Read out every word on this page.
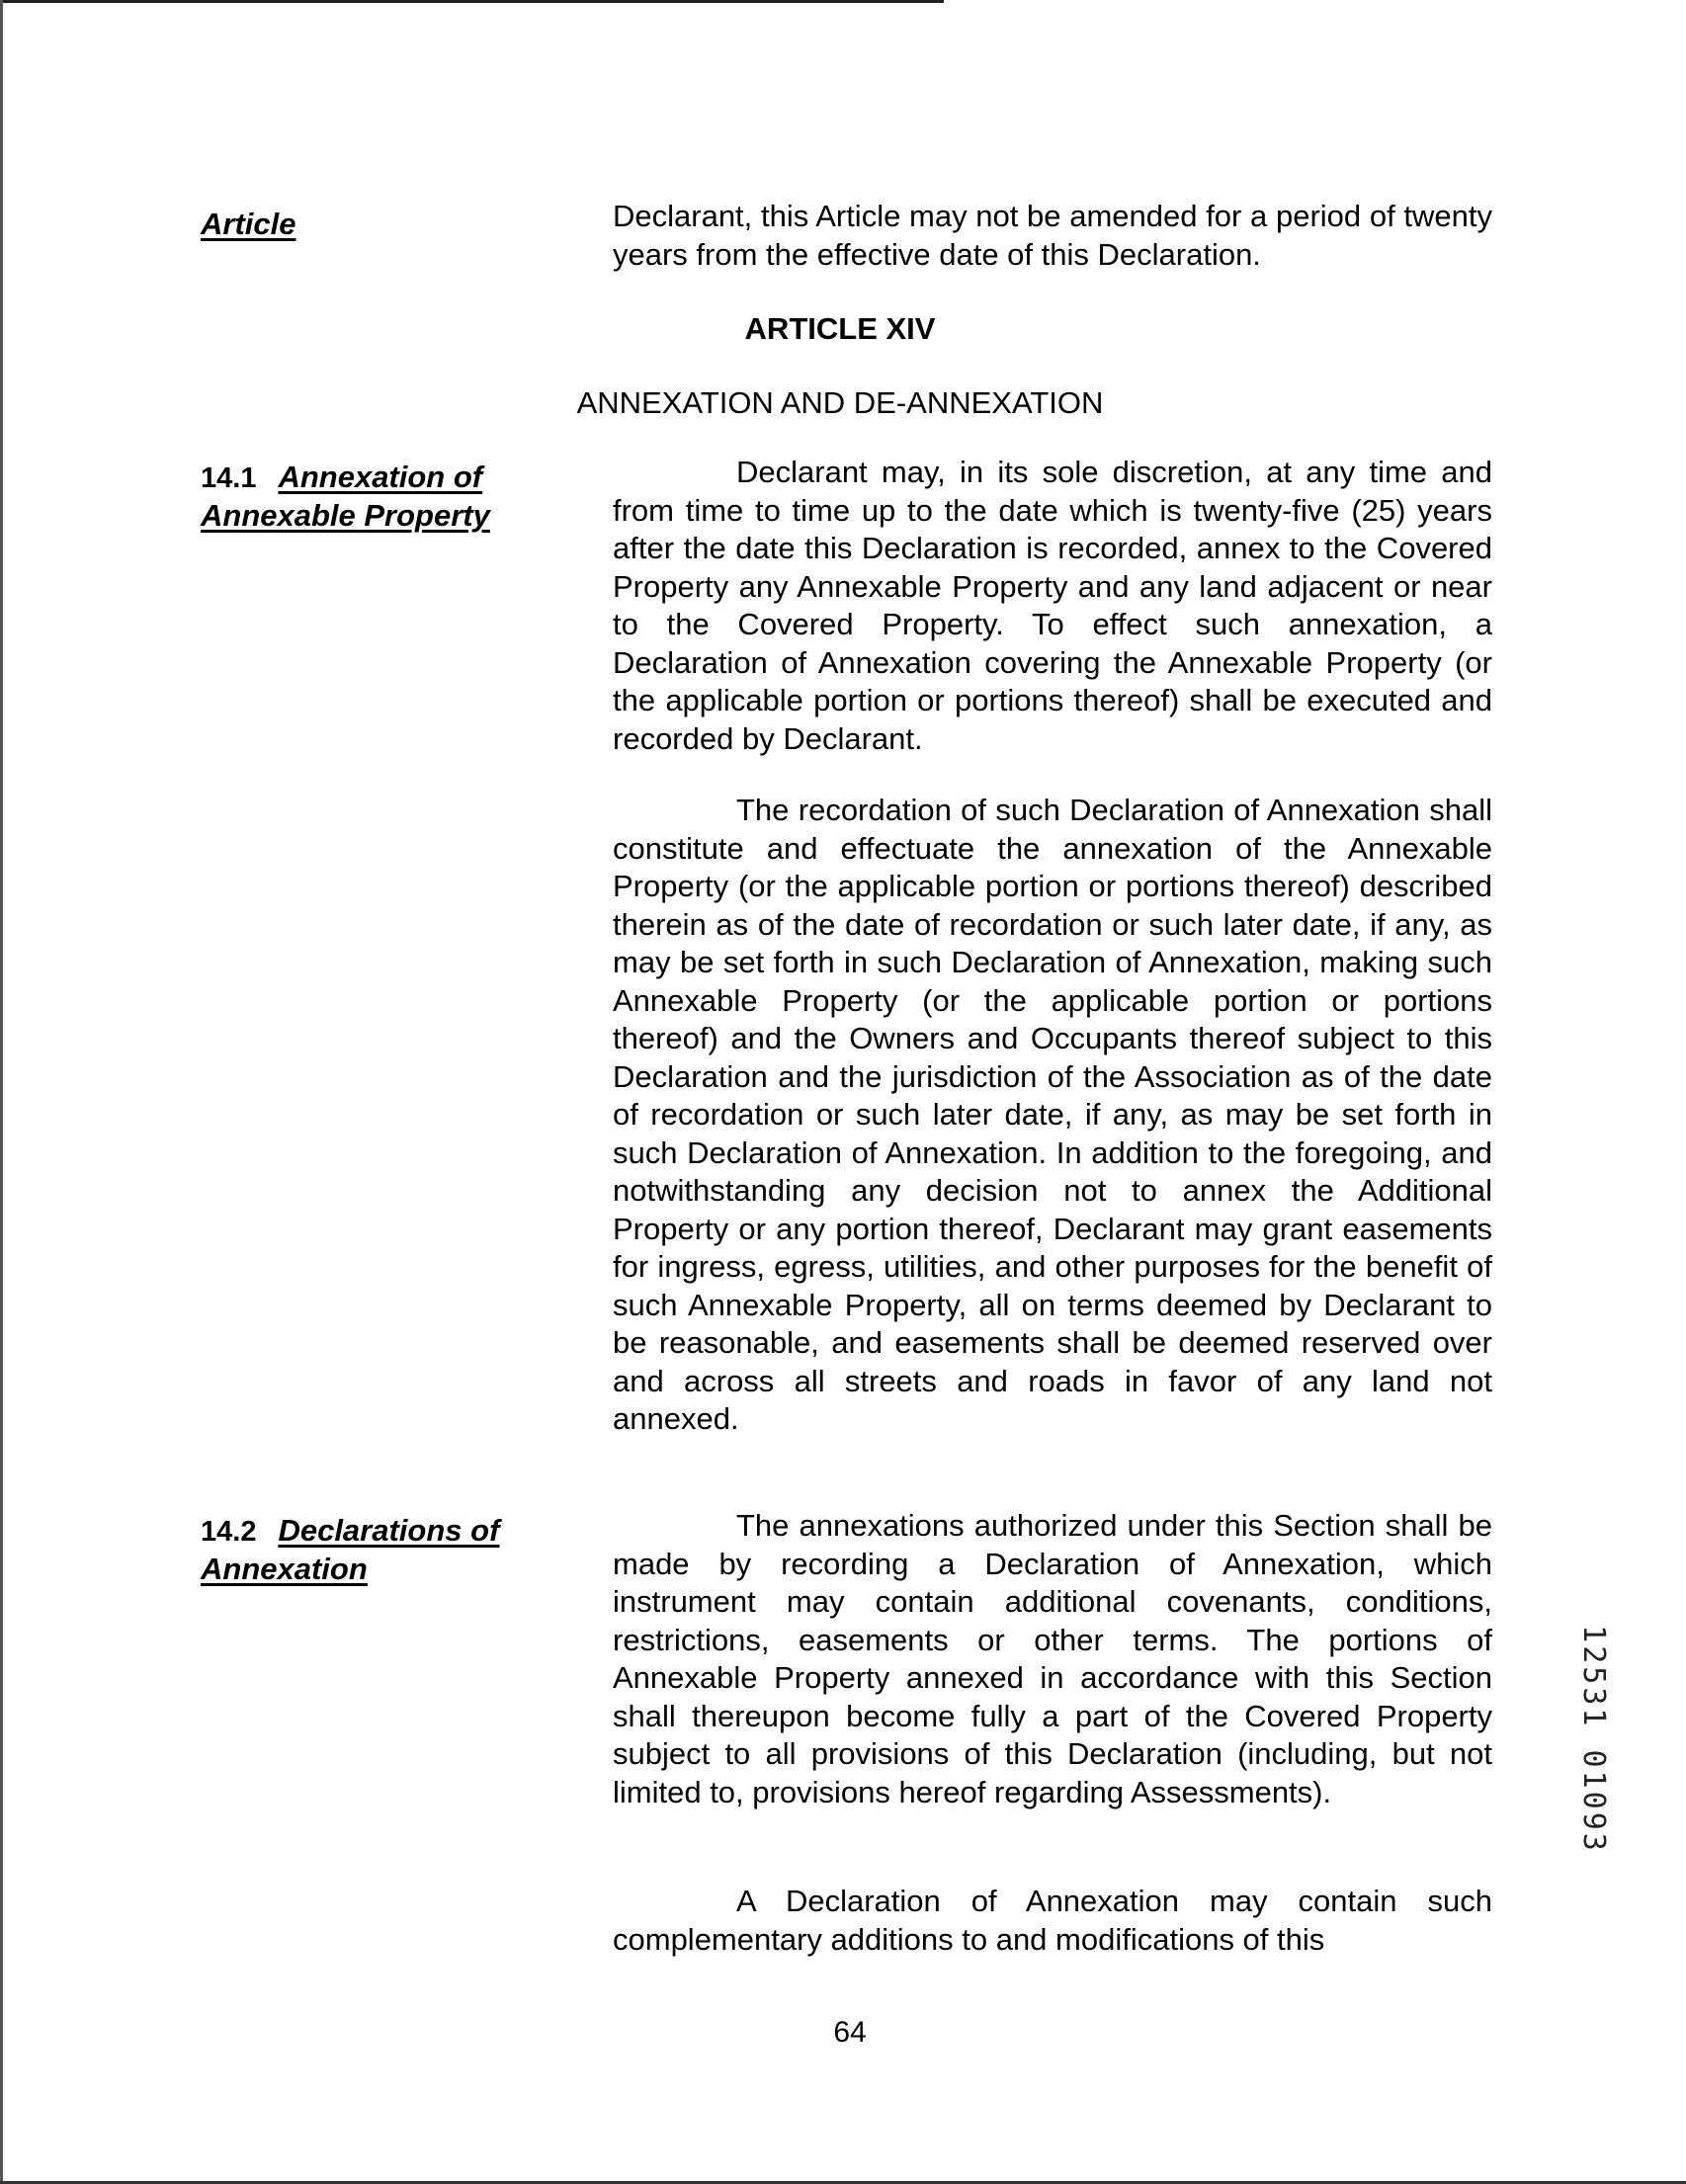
Article	Declarant, this Article may not be amended for a period of twenty years from the effective date of this Declaration.

ARTICLE XIV

ANNEXATION AND DE-ANNEXATION

14.1 Annexation of
Annexable Property

Declarant may, in its sole discretion, at any time and from time to time up to the date which is twenty-five (25) years after the date this Declaration is recorded, annex to the Covered Property any Annexable Property and any land adjacent or near to the Covered Property. To effect such annexation, a Declaration of Annexation covering the Annexable Property (or the applicable portion or portions thereof) shall be executed and recorded by Declarant.

The recordation of such Declaration of Annexation shall constitute and effectuate the annexation of the Annexable Property (or the applicable portion or portions thereof) described therein as of the date of recordation or such later date, if any, as may be set forth in such Declaration of Annexation, making such Annexable Property (or the applicable portion or portions thereof) and the Owners and Occupants thereof subject to this Declaration and the jurisdiction of the Association as of the date of recordation or such later date, if any, as may be set forth in such Declaration of Annexation. In addition to the foregoing, and notwithstanding any decision not to annex the Additional Property or any portion thereof, Declarant may grant easements for ingress, egress, utilities, and other purposes for the benefit of such Annexable Property, all on terms deemed by Declarant to be reasonable, and easements shall be deemed reserved over and across all streets and roads in favor of any land not annexed.

14.2 Declarations of
Annexation

The annexations authorized under this Section shall be made by recording a Declaration of Annexation, which instrument may contain additional covenants, conditions, restrictions, easements or other terms. The portions of Annexable Property annexed in accordance with this Section shall thereupon become fully a part of the Covered Property subject to all provisions of this Declaration (including, but not limited to, provisions hereof regarding Assessments).

A Declaration of Annexation may contain such complementary additions to and modifications of this

64
12531 01093
